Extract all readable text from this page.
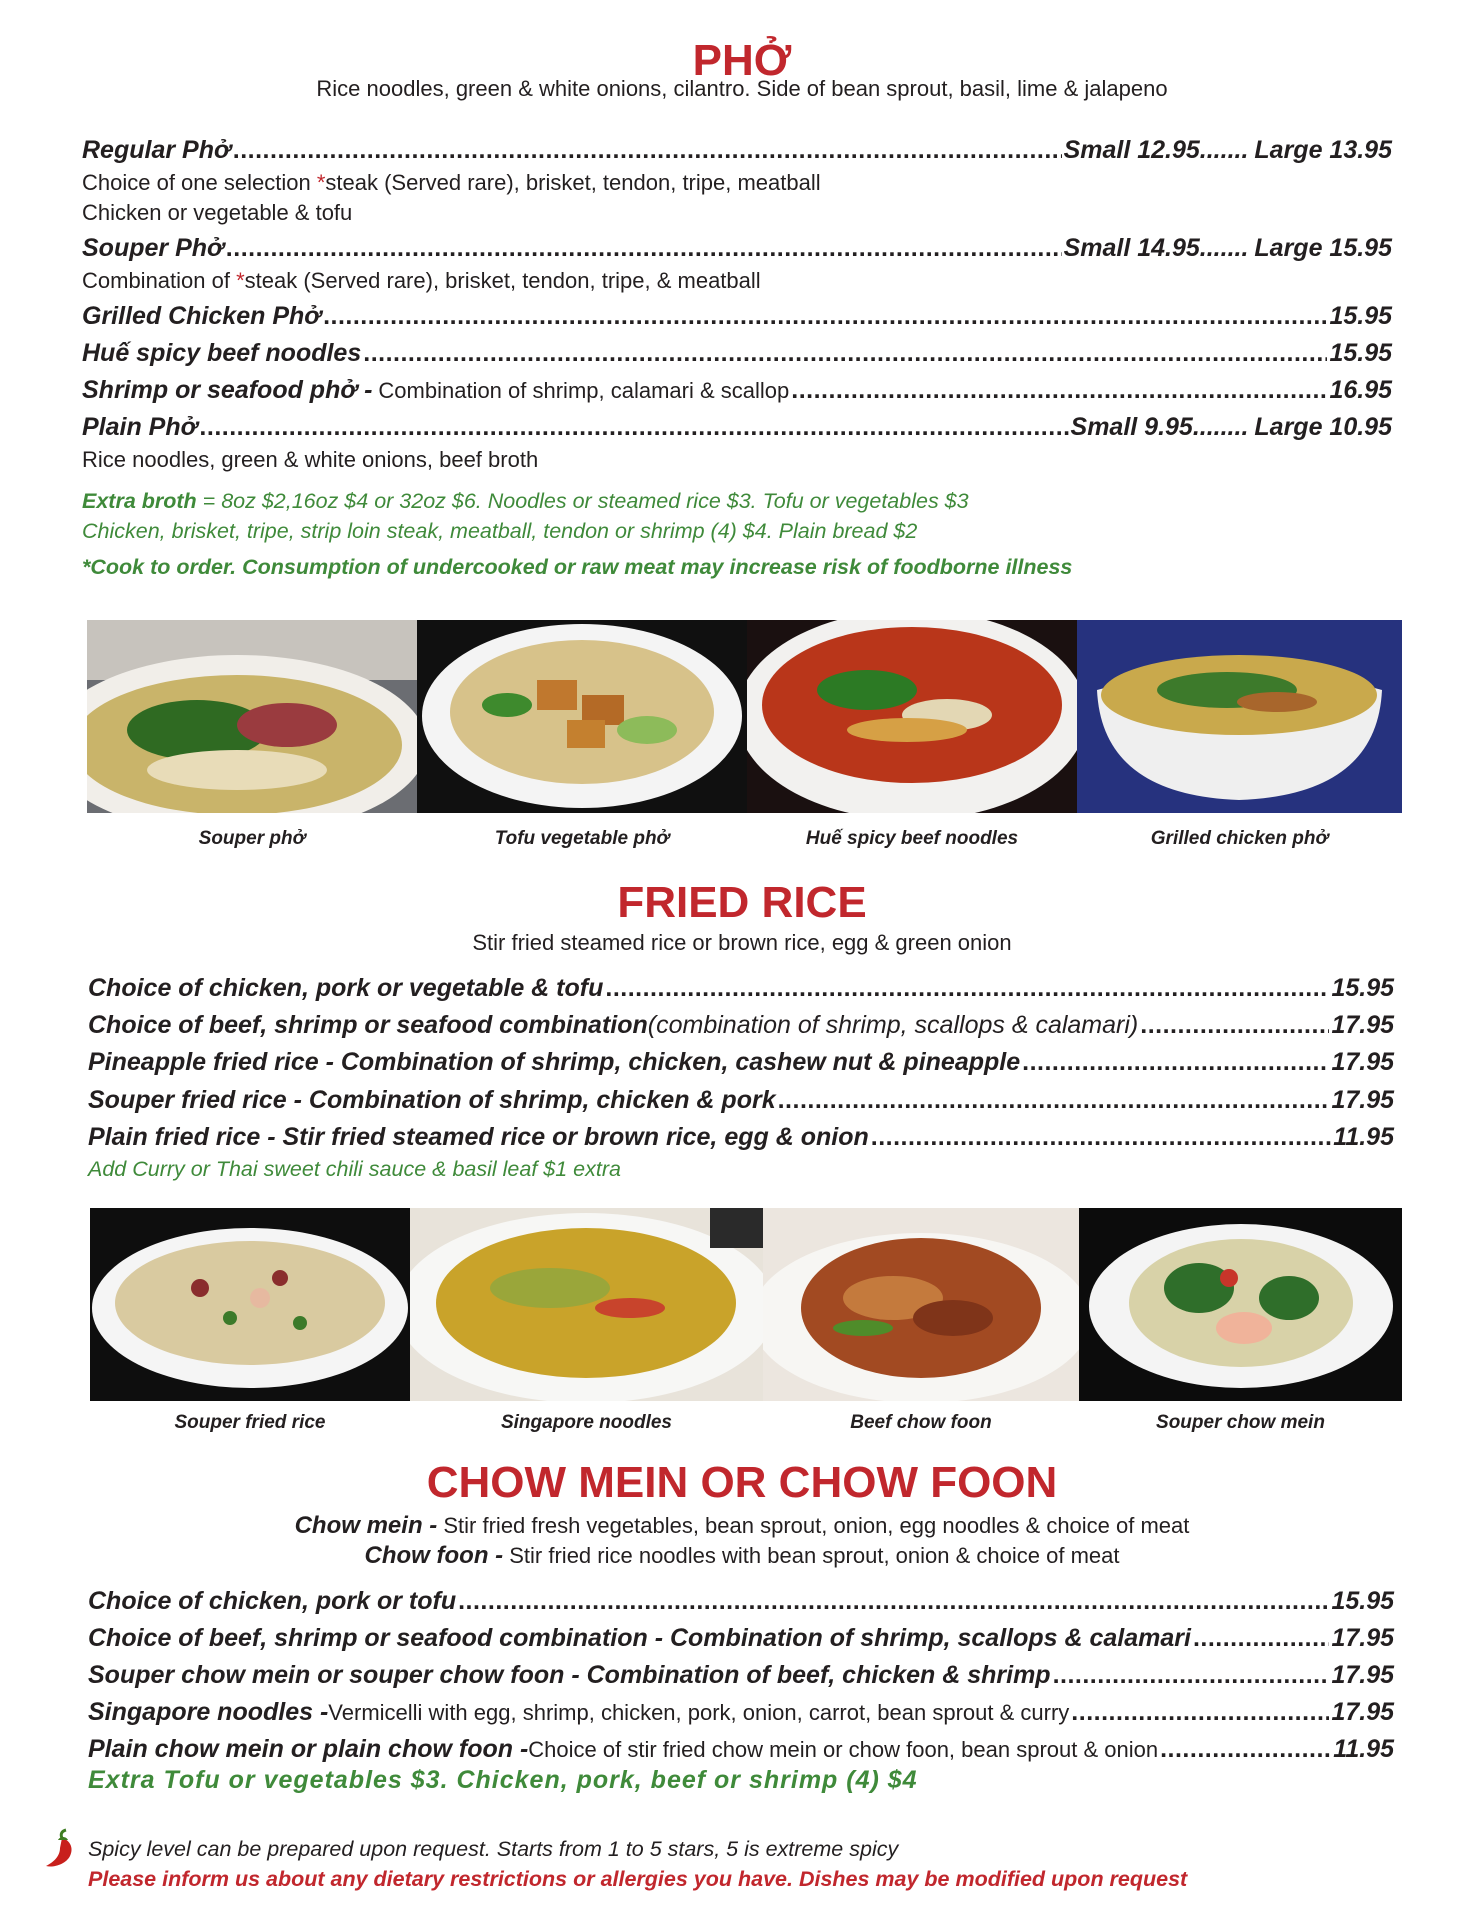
PHỞ
Rice noodles, green & white onions, cilantro. Side of bean sprout, basil, lime & jalapeno
Regular Phở .....	Small 12.95 ....... Large 13.95
Choice of one selection *steak (Served rare), brisket, tendon, tripe, meatball
Chicken or vegetable & tofu
Souper Phở .....	Small 14.95 ....... Large 15.95
Combination of *steak (Served rare), brisket, tendon, tripe, & meatball
Grilled Chicken Phở .....	15.95
Huế spicy beef noodles .....	15.95
Shrimp or seafood phở - Combination of shrimp, calamari & scallop .....	16.95
Plain Phở .....	Small 9.95 ........ Large 10.95
Rice noodles, green & white onions, beef broth
Extra broth = 8oz $2,16oz $4 or 32oz $6. Noodles or steamed rice $3. Tofu or vegetables $3
Chicken, brisket, tripe, strip loin steak, meatball, tendon or shrimp (4) $4. Plain bread $2
*Cook to order. Consumption of undercooked or raw meat may increase risk of foodborne illness
Souper phở	Tofu vegetable phở	Huế spicy beef noodles	Grilled chicken phở
FRIED RICE
Stir fried steamed rice or brown rice, egg & green onion
Choice of chicken, pork or vegetable & tofu .....	15.95
Choice of beef, shrimp or seafood combination (combination of shrimp, scallops & calamari) .....	17.95
Pineapple fried rice - Combination of shrimp, chicken, cashew nut & pineapple .....	17.95
Souper fried rice - Combination of shrimp, chicken & pork .....	17.95
Plain fried rice - Stir fried steamed rice or brown rice, egg & onion .....	11.95
Add Curry or Thai sweet chili sauce & basil leaf $1 extra
Souper fried rice	Singapore noodles	Beef chow foon	Souper chow mein
CHOW MEIN OR CHOW FOON
Chow mein - Stir fried fresh vegetables, bean sprout, onion, egg noodles & choice of meat
Chow foon - Stir fried rice noodles with bean sprout, onion & choice of meat
Choice of chicken, pork or tofu .....	15.95
Choice of beef, shrimp or seafood combination - Combination of shrimp, scallops & calamari .....	17.95
Souper chow mein or souper chow foon - Combination of beef, chicken & shrimp .....	17.95
Singapore noodles - Vermicelli with egg, shrimp, chicken, pork, onion, carrot, bean sprout & curry .....	17.95
Plain chow mein or plain chow foon - Choice of stir fried chow mein or chow foon, bean sprout & onion .....	11.95
Extra Tofu or vegetables $3. Chicken, pork, beef or shrimp (4) $4
Spicy level can be prepared upon request. Starts from 1 to 5 stars, 5 is extreme spicy
Please inform us about any dietary restrictions or allergies you have. Dishes may be modified upon request
